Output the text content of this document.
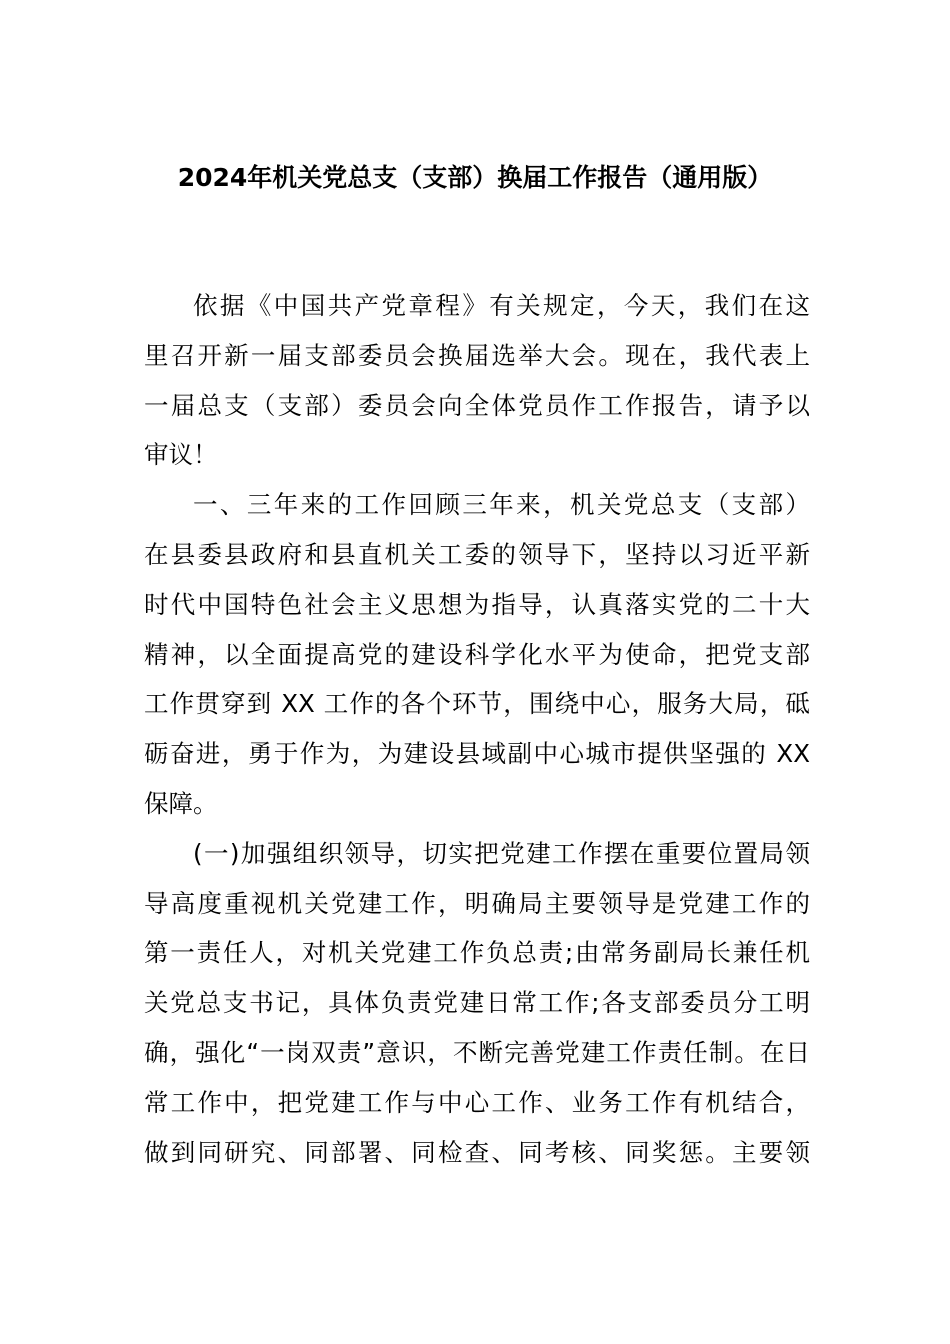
2024年机关党总支（支部）换届工作报告（通用版）
依据《中国共产党章程》有关规定，今天，我们在这
里召开新一届支部委员会换届选举大会。现在，我代表上
一届总支（支部）委员会向全体党员作工作报告，请予以
审议！
一、三年来的工作回顾三年来，机关党总支（支部）
在县委县政府和县直机关工委的领导下，坚持以习近平新
时代中国特色社会主义思想为指导，认真落实党的二十大
精神，以全面提高党的建设科学化水平为使命，把党支部
工作贯穿到 XX 工作的各个环节，围绕中心，服务大局，砥
砺奋进，勇于作为，为建设县域副中心城市提供坚强的 XX
保障。
(一)加强组织领导，切实把党建工作摆在重要位置局领
导高度重视机关党建工作，明确局主要领导是党建工作的
第一责任人，对机关党建工作负总责;由常务副局长兼任机
关党总支书记，具体负责党建日常工作;各支部委员分工明
确，强化“一岗双责”意识，不断完善党建工作责任制。在日
常工作中，把党建工作与中心工作、业务工作有机结合，
做到同研究、同部署、同检查、同考核、同奖惩。主要领
